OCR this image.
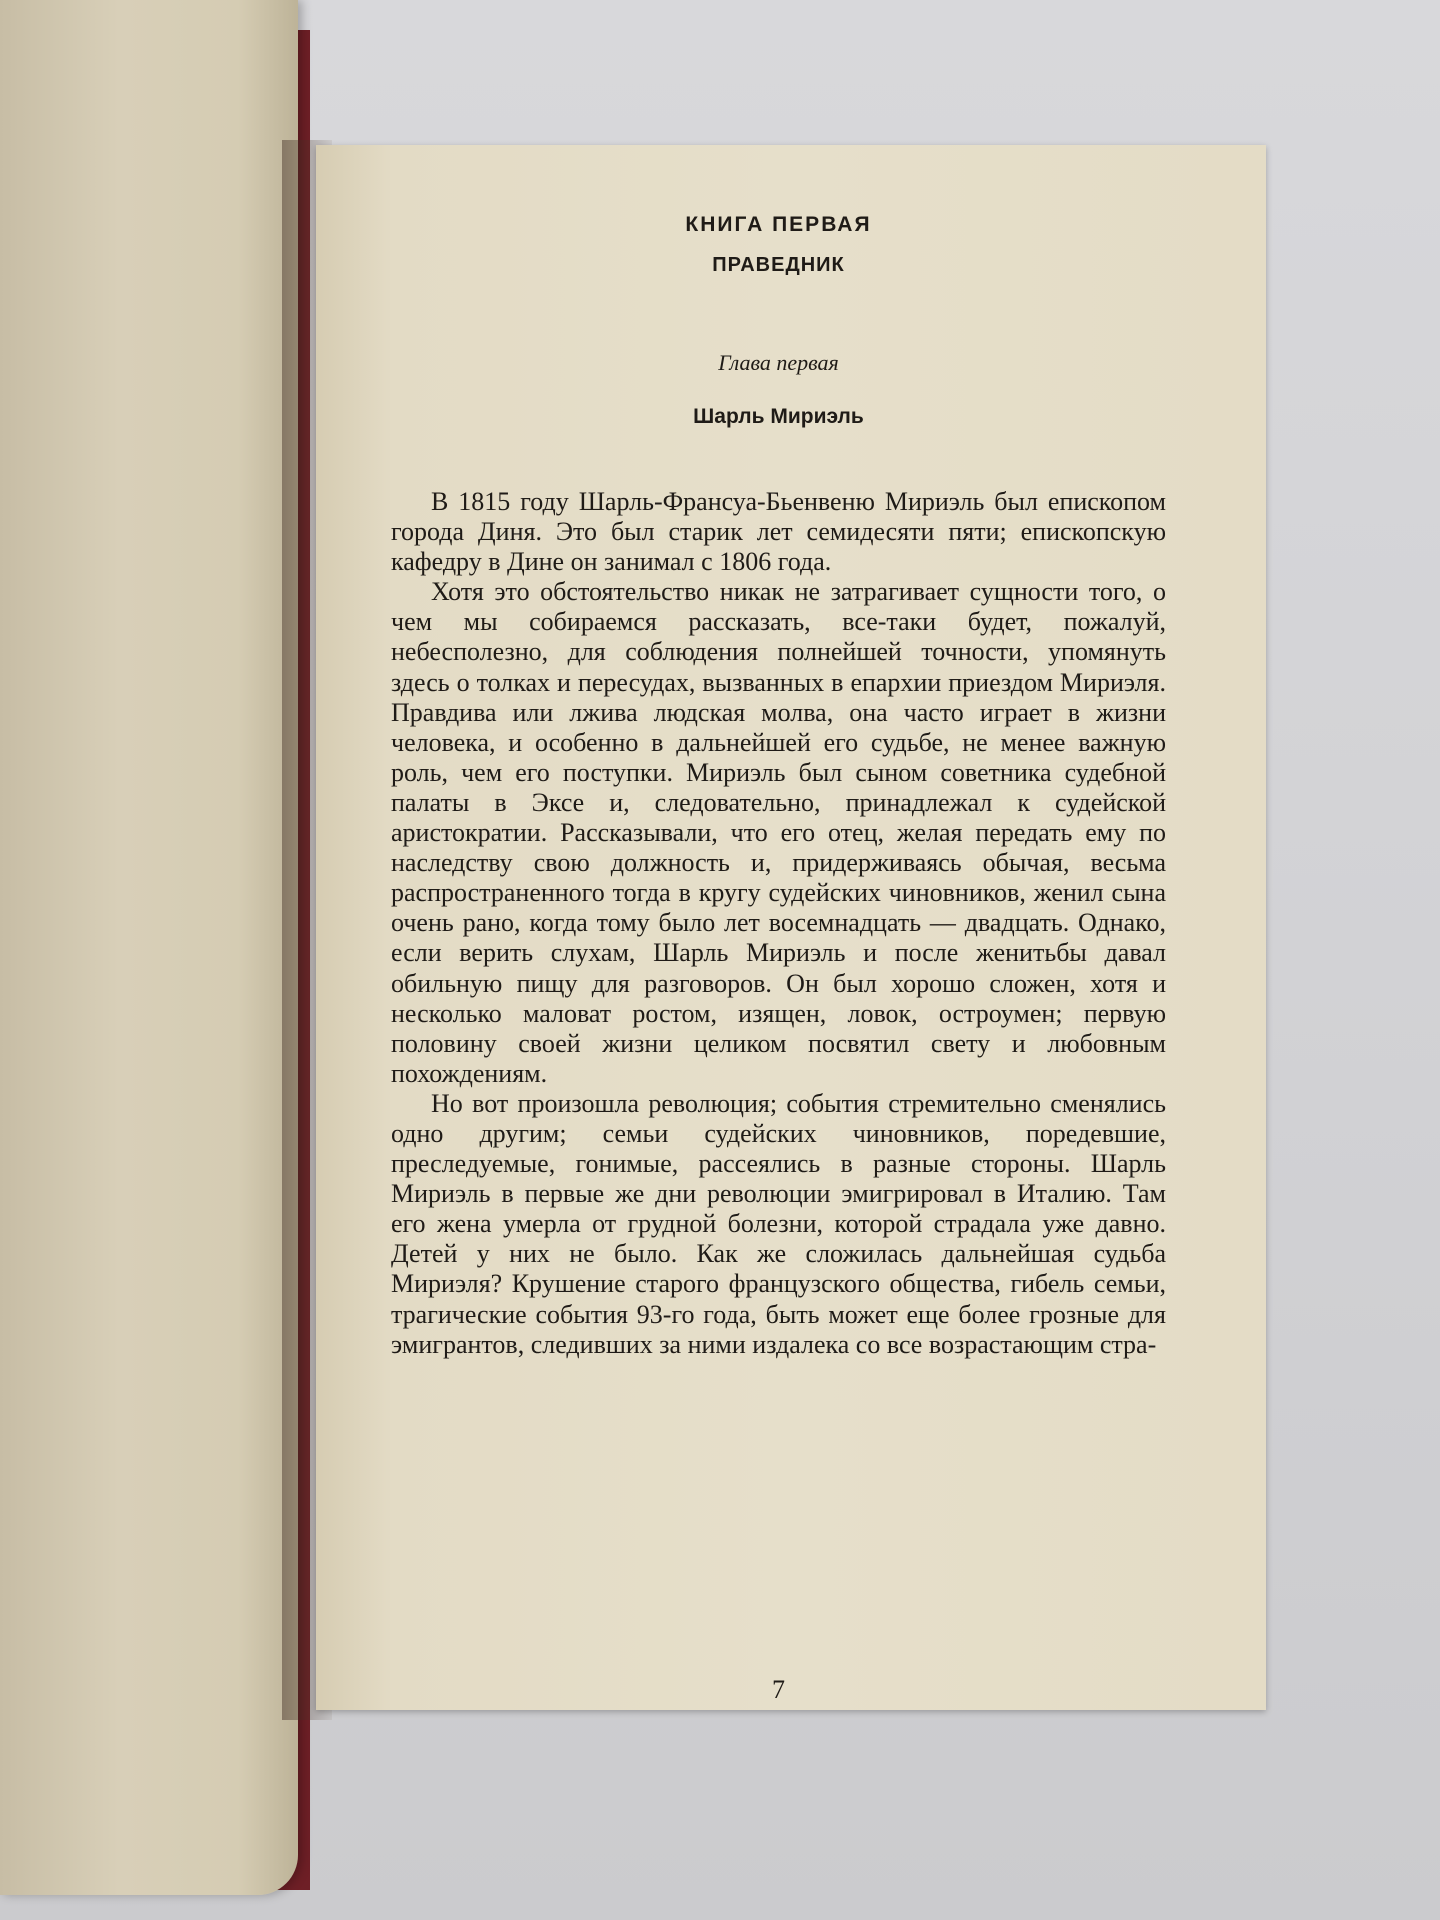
КНИГА ПЕРВАЯ
ПРАВЕДНИК
Глава первая
Шарль Мириэль

В 1815 году Шарль-Франсуа-Бьенвеню Мириэль был епископом города Диня. Это был старик лет семидесяти пяти; епископскую кафедру в Дине он занимал с 1806 года.

Хотя это обстоятельство никак не затрагивает сущности того, о чем мы собираемся рассказать, все-таки будет, пожалуй, небесполезно, для соблюдения полнейшей точности, упомянуть здесь о толках и пересудах, вызванных в епархии приездом Мириэля. Правдива или лжива людская молва, она часто играет в жизни человека, и особенно в дальнейшей его судьбе, не менее важную роль, чем его поступки. Мириэль был сыном советника судебной палаты в Эксе и, следовательно, принадлежал к судейской аристократии. Рассказывали, что его отец, желая передать ему по наследству свою должность и, придерживаясь обычая, весьма распространенного тогда в кругу судейских чиновников, женил сына очень рано, когда тому было лет восемнадцать — двадцать. Однако, если верить слухам, Шарль Мириэль и после женитьбы давал обильную пищу для разговоров. Он был хорошо сложен, хотя и несколько маловат ростом, изящен, ловок, остроумен; первую половину своей жизни целиком посвятил свету и любовным похождениям.

Но вот произошла революция; события стремительно сменялись одно другим; семьи судейских чиновников, поредевшие, преследуемые, гонимые, рассеялись в разные стороны. Шарль Мириэль в первые же дни революции эмигрировал в Италию. Там его жена умерла от грудной болезни, которой страдала уже давно. Детей у них не было. Как же сложилась дальнейшая судьба Мириэля? Крушение старого французского общества, гибель семьи, трагические события 93-го года, быть может еще более грозные для эмигрантов, следивших за ними издалека со все возрастающим стра-

7
